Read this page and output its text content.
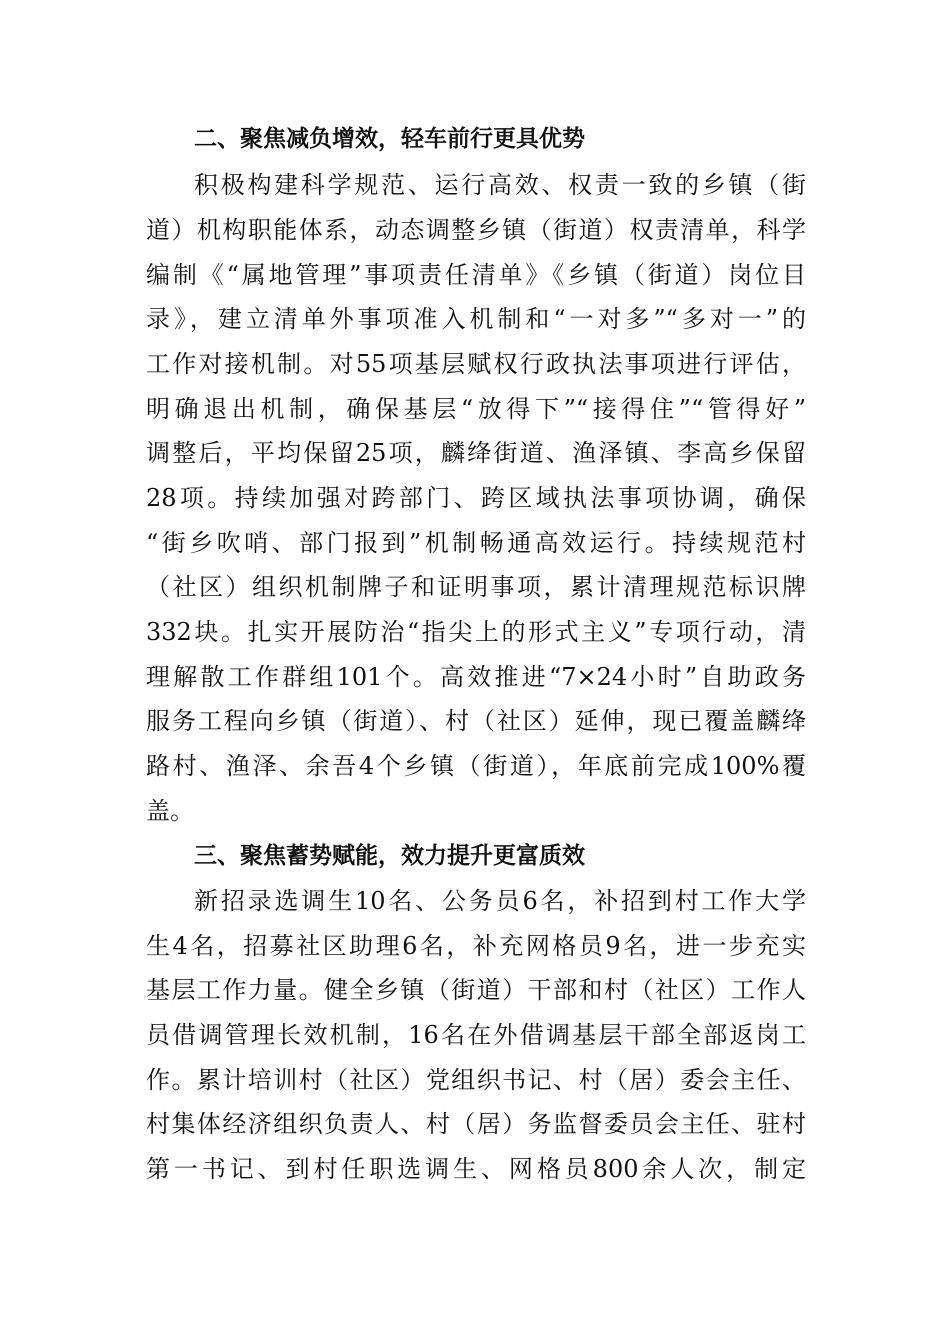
二、聚焦减负增效，轻车前行更具优势
积极构建科学规范、运行高效、权责一致的乡镇（街
道）机构职能体系，动态调整乡镇（街道）权责清单，科学
编制《“属地管理”事项责任清单》《乡镇（街道）岗位目
录》，建立清单外事项准入机制和“一对多”“多对一”的
工作对接机制。对55项基层赋权行政执法事项进行评估，
明确退出机制，确保基层“放得下”“接得住”“管得好”
调整后，平均保留25项，麟绛街道、渔泽镇、李高乡保留
28项。持续加强对跨部门、跨区域执法事项协调，确保
“街乡吹哨、部门报到”机制畅通高效运行。持续规范村
（社区）组织机制牌子和证明事项，累计清理规范标识牌
332块。扎实开展防治“指尖上的形式主义”专项行动，清
理解散工作群组101个。高效推进“7×24小时”自助政务
服务工程向乡镇（街道）、村（社区）延伸，现已覆盖麟绛
路村、渔泽、余吾4个乡镇（街道），年底前完成100%覆
盖。
三、聚焦蓄势赋能，效力提升更富质效
新招录选调生10名、公务员6名，补招到村工作大学
生4名，招募社区助理6名，补充网格员9名，进一步充实
基层工作力量。健全乡镇（街道）干部和村（社区）工作人
员借调管理长效机制，16名在外借调基层干部全部返岗工
作。累计培训村（社区）党组织书记、村（居）委会主任、
村集体经济组织负责人、村（居）务监督委员会主任、驻村
第一书记、到村任职选调生、网格员800余人次，制定
